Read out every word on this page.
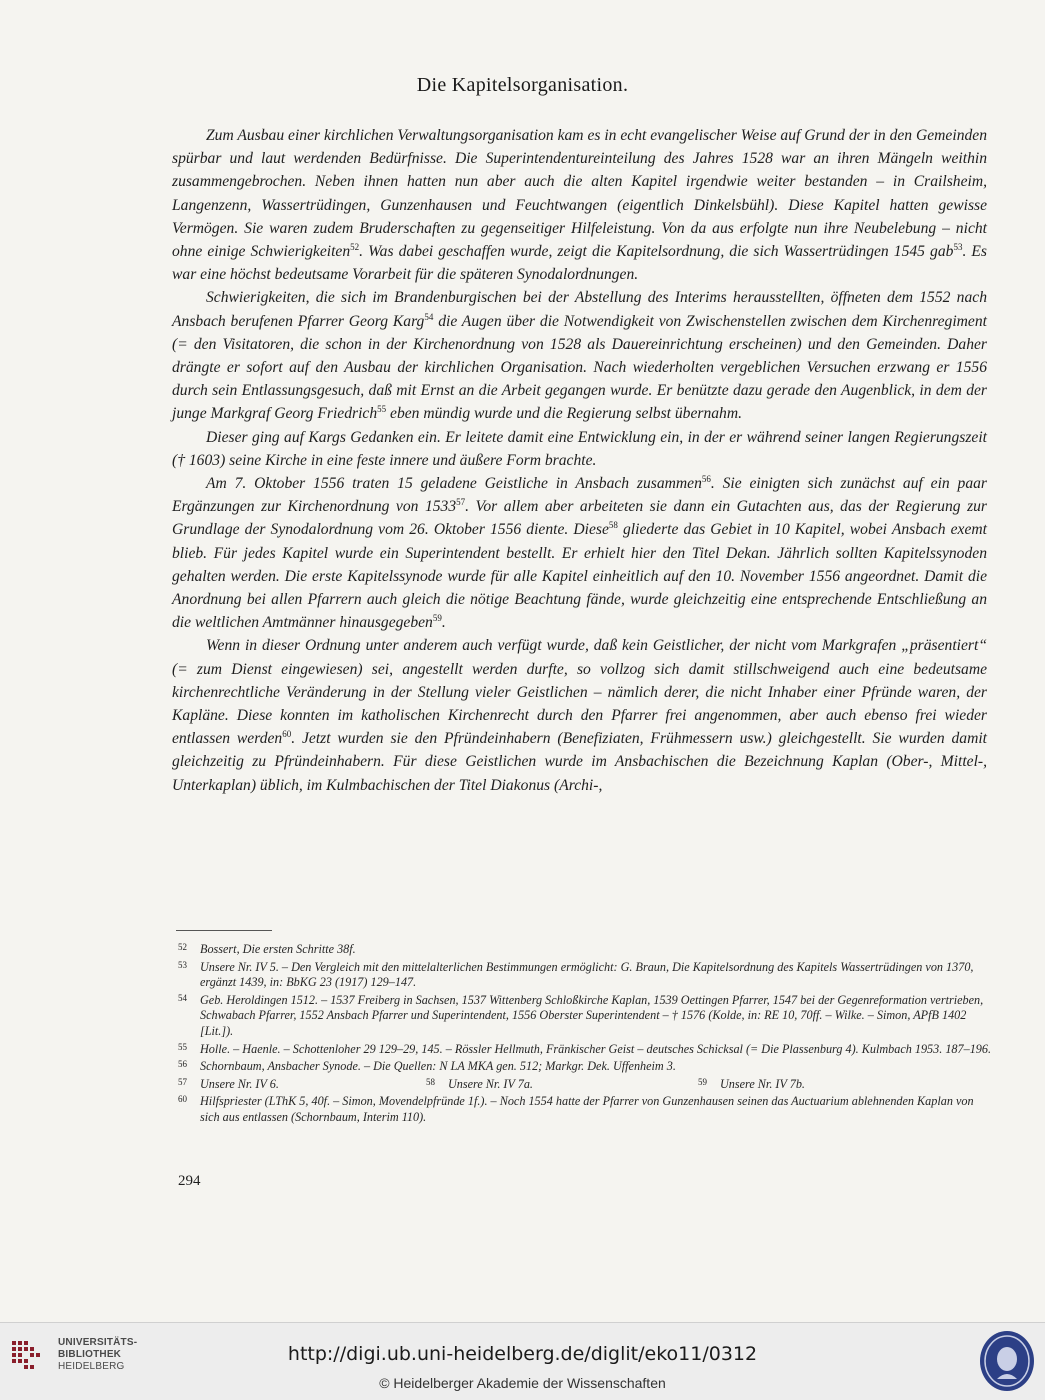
Die Kapitelsorganisation.

Zum Ausbau einer kirchlichen Verwaltungsorganisation kam es in echt evangelischer Weise auf Grund der in den Gemeinden spürbar und laut werdenden Bedürfnisse. Die Superintendentureinteilung des Jahres 1528 war an ihren Mängeln weithin zusammengebrochen. Neben ihnen hatten nun aber auch die alten Kapitel irgendwie weiter bestanden – in Crailsheim, Langenzenn, Wassertrüdingen, Gunzenhausen und Feuchtwangen (eigentlich Dinkelsbühl). Diese Kapitel hatten gewisse Vermögen. Sie waren zudem Bruderschaften zu gegenseitiger Hilfeleistung. Von da aus erfolgte nun ihre Neubelebung – nicht ohne einige Schwierigkeiten$^{52}$. Was dabei geschaffen wurde, zeigt die Kapitelsordnung, die sich Wassertrüdingen 1545 gab$^{53}$. Es war eine höchst bedeutsame Vorarbeit für die späteren Synodalordnungen.

Schwierigkeiten, die sich im Brandenburgischen bei der Abstellung des Interims herausstellten, öffneten dem 1552 nach Ansbach berufenen Pfarrer Georg Karg$^{54}$ die Augen über die Notwendigkeit von Zwischenstellen zwischen dem Kirchenregiment (= den Visitatoren, die schon in der Kirchenordnung von 1528 als Dauereinrichtung erscheinen) und den Gemeinden. Daher drängte er sofort auf den Ausbau der kirchlichen Organisation. Nach wiederholten vergeblichen Versuchen erzwang er 1556 durch sein Entlassungsgesuch, daß mit Ernst an die Arbeit gegangen wurde. Er benützte dazu gerade den Augenblick, in dem der junge Markgraf Georg Friedrich$^{55}$ eben mündig wurde und die Regierung selbst übernahm.

Dieser ging auf Kargs Gedanken ein. Er leitete damit eine Entwicklung ein, in der er während seiner langen Regierungszeit († 1603) seine Kirche in eine feste innere und äußere Form brachte.

Am 7. Oktober 1556 traten 15 geladene Geistliche in Ansbach zusammen$^{56}$. Sie einigten sich zunächst auf ein paar Ergänzungen zur Kirchenordnung von 1533$^{57}$. Vor allem aber arbeiteten sie dann ein Gutachten aus, das der Regierung zur Grundlage der Synodalordnung vom 26. Oktober 1556 diente. Diese$^{58}$ gliederte das Gebiet in 10 Kapitel, wobei Ansbach exemt blieb. Für jedes Kapitel wurde ein Superintendent bestellt. Er erhielt hier den Titel Dekan. Jährlich sollten Kapitelssynoden gehalten werden. Die erste Kapitelssynode wurde für alle Kapitel einheitlich auf den 10. November 1556 angeordnet. Damit die Anordnung bei allen Pfarrern auch gleich die nötige Beachtung fände, wurde gleichzeitig eine entsprechende Entschließung an die weltlichen Amtmänner hinausgegeben$^{59}$.

Wenn in dieser Ordnung unter anderem auch verfügt wurde, daß kein Geistlicher, der nicht vom Markgrafen „präsentiert“ (= zum Dienst eingewiesen) sei, angestellt werden durfte, so vollzog sich damit stillschweigend auch eine bedeutsame kirchenrechtliche Veränderung in der Stellung vieler Geistlichen – nämlich derer, die nicht Inhaber einer Pfründe waren, der Kapläne. Diese konnten im katholischen Kirchenrecht durch den Pfarrer frei angenommen, aber auch ebenso frei wieder entlassen werden$^{60}$. Jetzt wurden sie den Pfründeinhabern (Benefiziaten, Frühmessern usw.) gleichgestellt. Sie wurden damit gleichzeitig zu Pfründeinhabern. Für diese Geistlichen wurde im Ansbachischen die Bezeichnung Kaplan (Ober-, Mittel-, Unterkaplan) üblich, im Kulmbachischen der Titel Diakonus (Archi-,

52 Bossert, Die ersten Schritte 38f.

53 Unsere Nr. IV 5. – Den Vergleich mit den mittelalterlichen Bestimmungen ermöglicht: G. Braun, Die Kapitelsordnung des Kapitels Wassertrüdingen von 1370, ergänzt 1439, in: BbKG 23 (1917) 129–147.

54 Geb. Heroldingen 1512. – 1537 Freiberg in Sachsen, 1537 Wittenberg Schloßkirche Kaplan, 1539 Oettingen Pfarrer, 1547 bei der Gegenreformation vertrieben, Schwabach Pfarrer, 1552 Ansbach Pfarrer und Superintendent, 1556 Oberster Superintendent – † 1576 (Kolde, in: RE 10, 70ff. – Wilke. – Simon, APfB 1402 [Lit.]).

55 Holle. – Haenle. – Schottenloher 29 129–29, 145. – Rössler Hellmuth, Fränkischer Geist – deutsches Schicksal (= Die Plassenburg 4). Kulmbach 1953. 187–196.

56 Schornbaum, Ansbacher Synode. – Die Quellen: N LA MKA gen. 512; Markgr. Dek. Uffenheim 3.

57 Unsere Nr. IV 6.	58 Unsere Nr. IV 7a.	59 Unsere Nr. IV 7b.

60 Hilfspriester (LThK 5, 40f. – Simon, Movendelpfründe 1f.). – Noch 1554 hatte der Pfarrer von Gunzenhausen seinen das Auctuarium ablehnenden Kaplan von sich aus entlassen (Schornbaum, Interim 110).

294
UNIVERSITÄTS-
BIBLIOTHEK
HEIDELBERG
http://digi.ub.uni-heidelberg.de/diglit/eko11/0312
© Heidelberger Akademie der Wissenschaften
